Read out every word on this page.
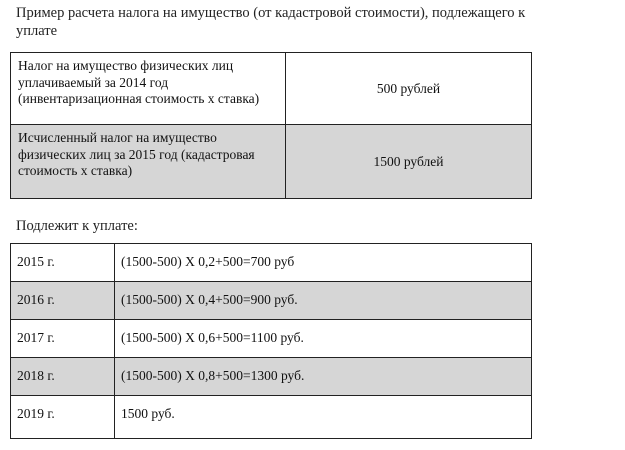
Пример расчета налога на имущество (от кадастровой стоимости), подлежащего к уплате
Налог на имущество физических лиц уплачиваемый за 2014 год (инвентаризационная стоимость х ставка)	500 рублей
Исчисленный налог на имущество физических лиц за 2015 год (кадастровая стоимость х ставка)	1500 рублей
Подлежит к уплате:
2015 г.	(1500-500) Х 0,2+500=700 руб
2016 г.	(1500-500) Х 0,4+500=900 руб.
2017 г.	(1500-500) Х 0,6+500=1100 руб.
2018 г.	(1500-500) Х 0,8+500=1300 руб.
2019 г.	1500 руб.
